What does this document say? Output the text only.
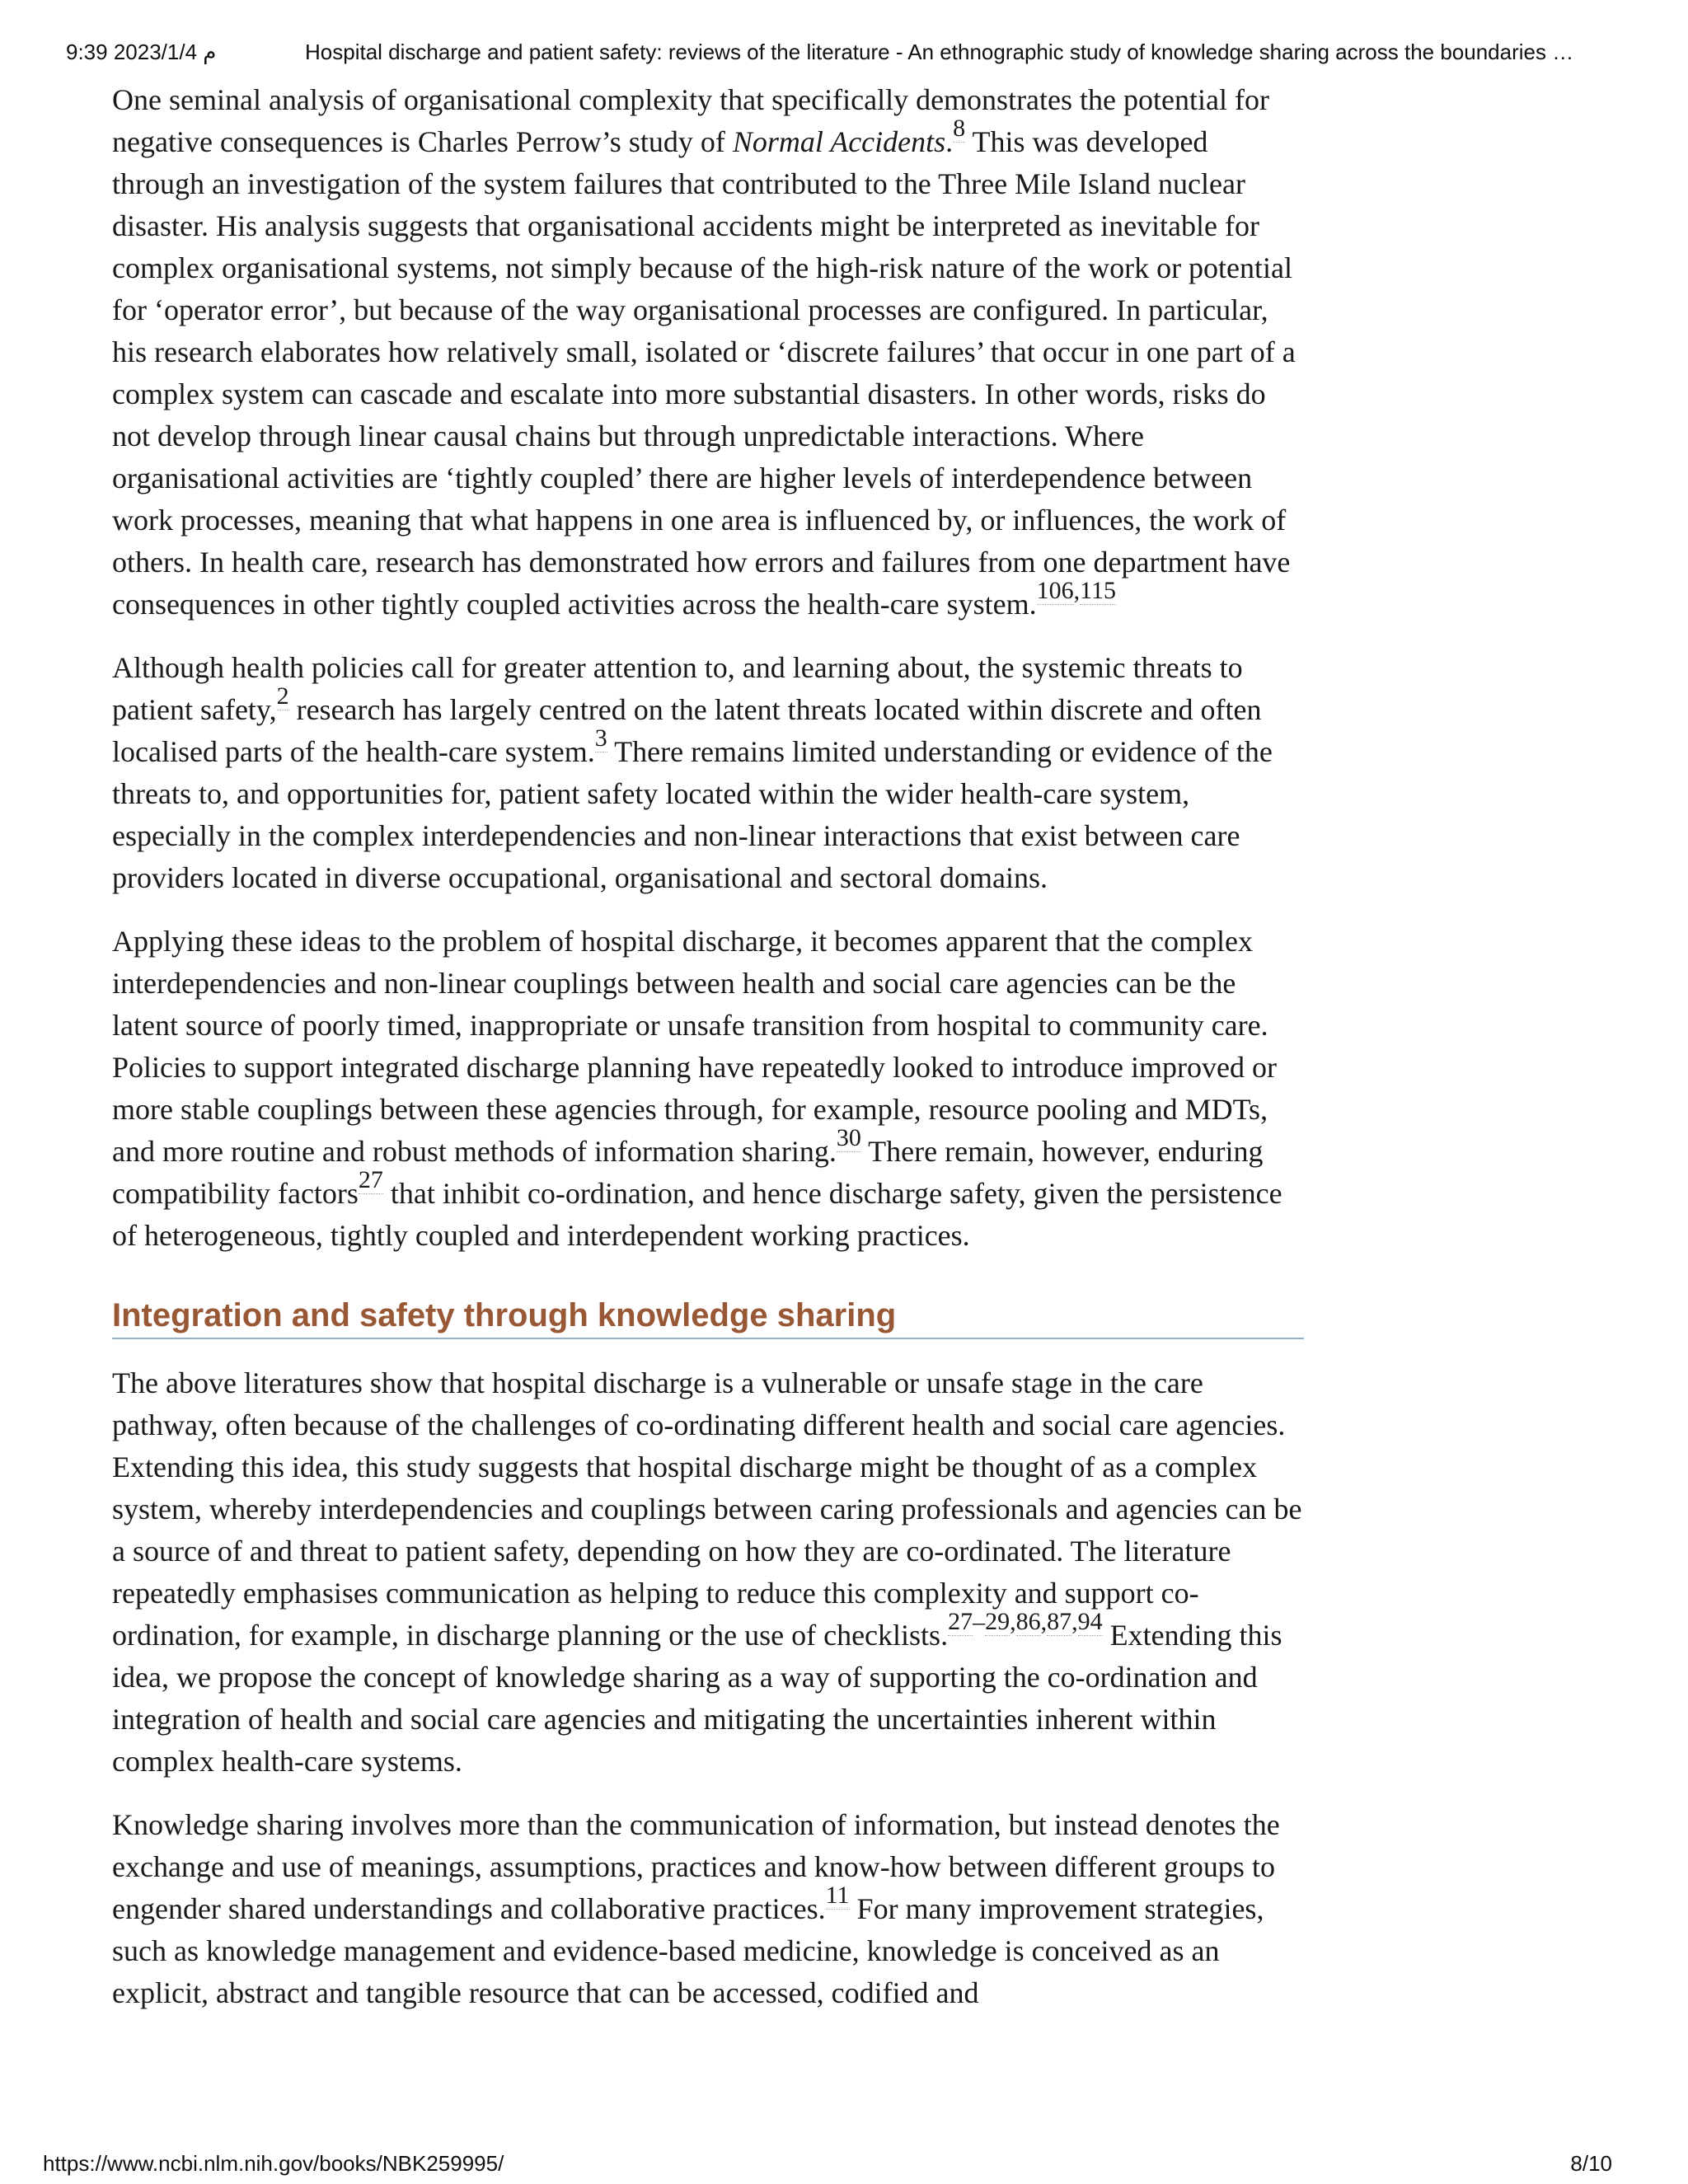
9:39 2023/1/4 م	Hospital discharge and patient safety: reviews of the literature - An ethnographic study of knowledge sharing across the boundaries …

One seminal analysis of organisational complexity that specifically demonstrates the potential for negative consequences is Charles Perrow’s study of Normal Accidents.$^8$ This was developed through an investigation of the system failures that contributed to the Three Mile Island nuclear disaster. His analysis suggests that organisational accidents might be interpreted as inevitable for complex organisational systems, not simply because of the high-risk nature of the work or potential for ‘operator error’, but because of the way organisational processes are configured. In particular, his research elaborates how relatively small, isolated or ‘discrete failures’ that occur in one part of a complex system can cascade and escalate into more substantial disasters. In other words, risks do not develop through linear causal chains but through unpredictable interactions. Where organisational activities are ‘tightly coupled’ there are higher levels of interdependence between work processes, meaning that what happens in one area is influenced by, or influences, the work of others. In health care, research has demonstrated how errors and failures from one department have consequences in other tightly coupled activities across the health-care system.$^{106,115}$

Although health policies call for greater attention to, and learning about, the systemic threats to patient safety,$^2$ research has largely centred on the latent threats located within discrete and often localised parts of the health-care system.$^3$ There remains limited understanding or evidence of the threats to, and opportunities for, patient safety located within the wider health-care system, especially in the complex interdependencies and non-linear interactions that exist between care providers located in diverse occupational, organisational and sectoral domains.

Applying these ideas to the problem of hospital discharge, it becomes apparent that the complex interdependencies and non-linear couplings between health and social care agencies can be the latent source of poorly timed, inappropriate or unsafe transition from hospital to community care. Policies to support integrated discharge planning have repeatedly looked to introduce improved or more stable couplings between these agencies through, for example, resource pooling and MDTs, and more routine and robust methods of information sharing.$^{30}$ There remain, however, enduring compatibility factors$^{27}$ that inhibit co-ordination, and hence discharge safety, given the persistence of heterogeneous, tightly coupled and interdependent working practices.

Integration and safety through knowledge sharing

The above literatures show that hospital discharge is a vulnerable or unsafe stage in the care pathway, often because of the challenges of co-ordinating different health and social care agencies. Extending this idea, this study suggests that hospital discharge might be thought of as a complex system, whereby interdependencies and couplings between caring professionals and agencies can be a source of and threat to patient safety, depending on how they are co-ordinated. The literature repeatedly emphasises communication as helping to reduce this complexity and support co-ordination, for example, in discharge planning or the use of checklists.$^{27-29,86,87,94}$ Extending this idea, we propose the concept of knowledge sharing as a way of supporting the co-ordination and integration of health and social care agencies and mitigating the uncertainties inherent within complex health-care systems.

Knowledge sharing involves more than the communication of information, but instead denotes the exchange and use of meanings, assumptions, practices and know-how between different groups to engender shared understandings and collaborative practices.$^{11}$ For many improvement strategies, such as knowledge management and evidence-based medicine, knowledge is conceived as an explicit, abstract and tangible resource that can be accessed, codified and

https://www.ncbi.nlm.nih.gov/books/NBK259995/	8/10
